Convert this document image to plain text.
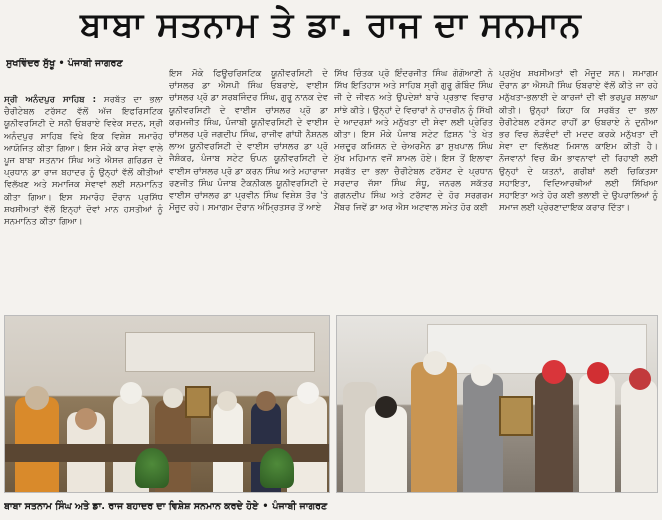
ਬਾਬਾ ਸਤਨਾਮ ਤੇ ਡਾ. ਰਾਜ ਦਾ ਸਨਮਾਨ
ਸੁਖਵਿੰਦਰ ਸੁੱਖੂ • ਪੰਜਾਬੀ ਜਾਗਰਣ
ਸ੍ਰੀ ਅਨੰਦਪੁਰ ਸਾਹਿਬ : ਸਰਬੱਤ ਦਾ ਭਲਾ ਚੈਰੀਟੇਬਲ ਟਰੱਸਟ ਵੱਲੋਂ ਅੱਜ ਇਫਰਿਸਟਿਕ ਯੂਨੀਵਰਸਿਟੀ ਦੇ ਸਨੀ ਓਬਰਾਏ ਵਿਵੇਕ ਸਦਨ, ਸ੍ਰੀ ਅਨੰਦਪੁਰ ਸਾਹਿਬ ਵਿਖੇ ਇਕ ਵਿਸ਼ੇਸ਼ ਸਮਾਰੋਹ ਆਯੋਜਿਤ ਕੀਤਾ ਗਿਆ। ਇਸ ਮੌਕੇ ਕਾਰ ਸੇਵਾ ਵਾਲੇ ਪੂਜ ਬਾਬਾ ਸਤਨਾਮ ਸਿੰਘ ਅਤੇ ਐਸਜ਼ ਗਰਿਡਜ਼ ਦੇ ਪ੍ਰਧਾਨ ਡਾ ਰਾਜ ਬਹਾਦਰ ਨੂੰ ਉਨ੍ਹਾਂ ਵੱਲੋਂ ਕੀਤੀਆਂ ਵਿਲੱਖਣ ਅਤੇ ਸਮਾਜਿਕ ਸੇਵਾਵਾਂ ਲਈ ਸਨਮਾਨਿਤ ਕੀਤਾ ਗਿਆ। ਇਸ ਸਮਾਰੋਹ ਦੌਰਾਨ ਪ੍ਰਸਿੱਧ ਸ਼ਖਸੀਅਤਾਂ ਵੱਲੋਂ ਇਨ੍ਹਾਂ ਦੋਵਾਂ ਮਾਨ ਹਸਤੀਆਂ ਨੂੰ ਸਨਮਾਨਿਤ ਕੀਤਾ ਗਿਆ।
ਇਸ ਮੌਕੇ ਫਿਊਚਰਿਸਟਿਕ ਯੂਨੀਵਰਸਿਟੀ ਦੇ ਚਾਂਸਲਰ ਡਾ ਐਸਪੀ ਸਿੰਘ ਓਬਰਾਏ, ਵਾਈਸ ਚਾਂਸਲਰ ਪ੍ਰੋ ਡਾ ਸਰਬਜਿੰਦਰ ਸਿੰਘ, ਗੁਰੂ ਨਾਨਕ ਦੇਵ ਯੂਨੀਵਰਸਿਟੀ ਦੇ ਵਾਈਸ ਚਾਂਸਲਰ ਪ੍ਰੋ ਡਾ ਕਰਮਜੀਤ ਸਿੰਘ, ਪੰਜਾਬੀ ਯੂਨੀਵਰਸਿਟੀ ਦੇ ਵਾਈਸ ਚਾਂਸਲਰ ਪ੍ਰੋ ਜਗਦੀਪ ਸਿੰਘ, ਰਾਜੀਵ ਗਾਂਧੀ ਨੈਸ਼ਨਲ ਲਾਅ ਯੂਨੀਵਰਸਿਟੀ ਦੇ ਵਾਈਸ ਚਾਂਸਲਰ ਡਾ ਪ੍ਰੋ ਜੈਸ਼ੰਕਰ, ਪੰਜਾਬ ਸਟੇਟ ਓਪਨ ਯੂਨੀਵਰਸਿਟੀ ਦੇ ਵਾਈਸ ਚਾਂਸਲਰ ਪ੍ਰੋ ਡਾ ਕਰਨ ਸਿੰਘ ਅਤੇ ਮਹਾਰਾਜਾ ਰਣਜੀਤ ਸਿੰਘ ਪੰਜਾਬ ਟੈਕਨੀਕਲ ਯੂਨੀਵਰਸਿਟੀ ਦੇ ਵਾਈਸ ਚਾਂਸਲਰ ਡਾ ਪ੍ਰਵੀਨ ਸਿੰਘ ਵਿਸ਼ੇਸ਼ ਤੌਰ 'ਤੇ ਮੌਜੂਦ ਰਹੇ। ਸਮਾਗਮ ਦੌਰਾਨ ਅੰਮ੍ਰਿਤਸਰ ਤੋਂ ਆਏ
ਸਿੱਖ ਚਿੰਤਕ ਪ੍ਰੋ ਇੰਦਰਜੀਤ ਸਿੰਘ ਗੋਗੋਆਣੀ ਨੇ ਸਿੱਖ ਇਤਿਹਾਸ ਅਤੇ ਸਾਹਿਬ ਸ੍ਰੀ ਗੁਰੂ ਗੋਬਿੰਦ ਸਿੰਘ ਜੀ ਦੇ ਜੀਵਨ ਅਤੇ ਉਪਦੇਸ਼ਾਂ ਬਾਰੇ ਪ੍ਰਭਾਵ ਵਿਚਾਰ ਸਾਂਝੇ ਕੀਤੇ। ਉਨ੍ਹਾਂ ਦੇ ਵਿਚਾਰਾਂ ਨੇ ਹਾਜ਼ਰੀਨ ਨੂੰ ਸਿੱਖੀ ਦੇ ਆਦਰਸ਼ਾਂ ਅਤੇ ਮਨੁੱਖਤਾ ਦੀ ਸੇਵਾ ਲਈ ਪ੍ਰੇਰਿਤ ਕੀਤਾ। ਇਸ ਮੌਕੇ ਪੰਜਾਬ ਸਟੇਟ ਫ਼ਿਸ਼ਨ 'ਤੇ ਖੇਤ ਮਜ਼ਦੂਰ ਕਮਿਸ਼ਨ ਦੇ ਚੇਅਰਮੈਨ ਡਾ ਸੁਖਪਾਲ ਸਿੰਘ ਮੁੱਖ ਮਹਿਮਾਨ ਵਜੋਂ ਸ਼ਾਮਲ ਹੋਏ। ਇਸ ਤੋਂ ਇਲਾਵਾ ਸਰਬੱਤ ਦਾ ਭਲਾ ਚੈਰੀਟੇਬਲ ਟਰੱਸਟ ਦੇ ਪ੍ਰਧਾਨ ਸਰਦਾਰ ਜੱਸਾ ਸਿੰਘ ਸੰਧੂ, ਜਨਰਲ ਸਕੱਤਰ ਗਗਨਦੀਪ ਸਿੰਘ ਅਤੇ ਟਰੱਸਟ ਦੇ ਹੋਰ ਸਰਗਰਮ ਮੈਂਬਰ ਜਿਵੇਂ ਡਾ ਅਰ ਐਸ ਅਟਵਾਲ ਸਮੇਤ ਹੋਰ ਕਈ
ਪ੍ਰਮੁੱਖ ਸ਼ਖਸੀਅਤਾਂ ਵੀ ਮੌਜੂਦ ਸਨ। ਸਮਾਗਮ ਦੌਰਾਨ ਡਾ ਐਸਪੀ ਸਿੰਘ ਓਬਰਾਏ ਵੱਲੋਂ ਕੀਤੇ ਜਾ ਰਹੇ ਮਨੁੱਖਤਾ-ਭਲਾਈ ਦੇ ਕਾਰਜਾਂ ਦੀ ਵੀ ਭਰਪੂਰ ਸ਼ਲਾਘਾ ਕੀਤੀ। ਉਨ੍ਹਾਂ ਕਿਹਾ ਕਿ ਸਰਬੱਤ ਦਾ ਭਲਾ ਚੈਰੀਟੇਬਲ ਟਰੱਸਟ ਰਾਹੀਂ ਡਾ ਓਬਰਾਏ ਨੇ ਦੁਨੀਆ ਭਰ ਵਿਚ ਲੋੜਵੰਦਾਂ ਦੀ ਮਦਦ ਕਰਕੇ ਮਨੁੱਖਤਾ ਦੀ ਸੇਵਾ ਦਾ ਵਿਲੱਖਣ ਮਿਸਾਲ ਕਾਇਮ ਕੀਤੀ ਹੈ। ਨੌਜਵਾਨਾਂ ਵਿਚ ਕੌਮ ਭਾਵਨਾਵਾਂ ਦੀ ਰਿਹਾਈ ਲਈ ਉਨ੍ਹਾਂ ਦੇ ਯਤਨਾਂ, ਗਰੀਬਾਂ ਲਈ ਚਿਕਿਤਸਾ ਸਹਾਇਤਾ, ਵਿਦਿਆਰਥੀਆਂ ਲਈ ਸਿੱਖਿਆ ਸਹਾਇਤਾ ਅਤੇ ਹੋਰ ਕਈ ਭਲਾਈ ਦੇ ਉਪਰਾਲਿਆਂ ਨੂੰ ਸਮਾਜ ਲਈ ਪ੍ਰੇਰਣਾਦਾਇਕ ਕਰਾਰ ਦਿੱਤਾ।
ਬਾਬਾ ਸਤਨਾਮ ਸਿੰਘ ਅਤੇ ਡਾ. ਰਾਜ ਬਹਾਦਰ ਦਾ ਵਿਸ਼ੇਸ਼ ਸਨਮਾਨ ਕਰਦੇ ਹੋਏ • ਪੰਜਾਬੀ ਜਾਗਰਣ
